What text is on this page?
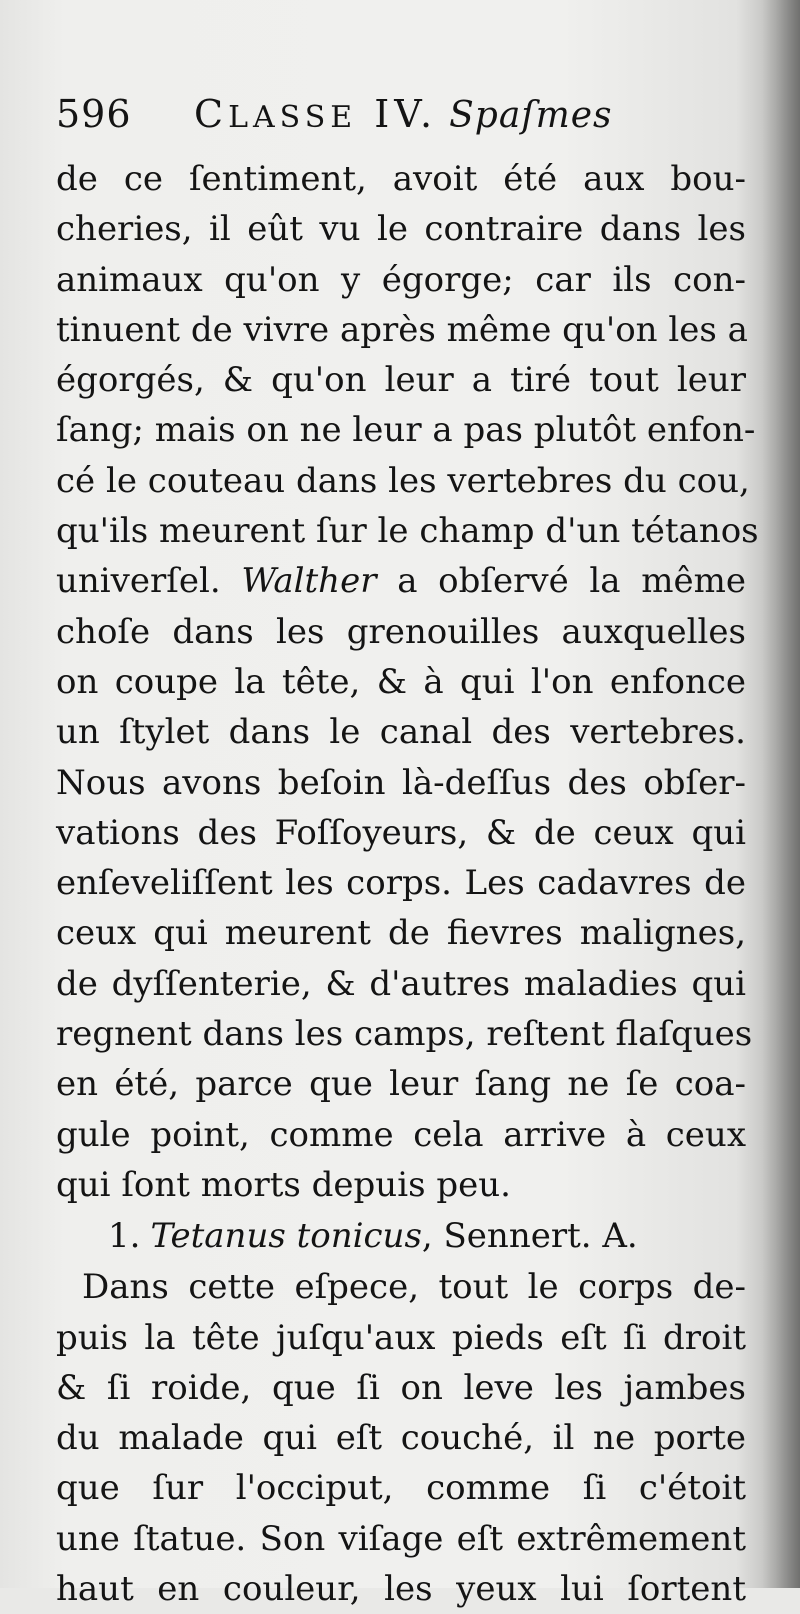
596 CLASSE IV. Spaſmes
de ce ſentiment, avoit été aux bou-
cheries, il eût vu le contraire dans les
animaux qu'on y égorge; car ils con-
tinuent de vivre après même qu'on les a
égorgés, & qu'on leur a tiré tout leur
ſang; mais on ne leur a pas plutôt enfon-
cé le couteau dans les vertebres du cou,
qu'ils meurent ſur le champ d'un tétanos
univerſel. Walther a obſervé la même
choſe dans les grenouilles auxquelles
on coupe la tête, & à qui l'on enfonce
un ſtylet dans le canal des vertebres.
Nous avons beſoin là-deſſus des obſer-
vations des Foſſoyeurs, & de ceux qui
enſeveliſſent les corps. Les cadavres de
ceux qui meurent de fievres malignes,
de dyſſenterie, & d'autres maladies qui
regnent dans les camps, reſtent flaſques
en été, parce que leur ſang ne ſe coa-
gule point, comme cela arrive à ceux
qui ſont morts depuis peu.
1. Tetanus tonicus, Sennert. A.
Dans cette eſpece, tout le corps de-
puis la tête juſqu'aux pieds eſt ſi droit
& ſi roide, que ſi on leve les jambes
du malade qui eſt couché, il ne porte
que ſur l'occiput, comme ſi c'étoit
une ſtatue. Son viſage eſt extrêmement
haut en couleur, les yeux lui ſortent
